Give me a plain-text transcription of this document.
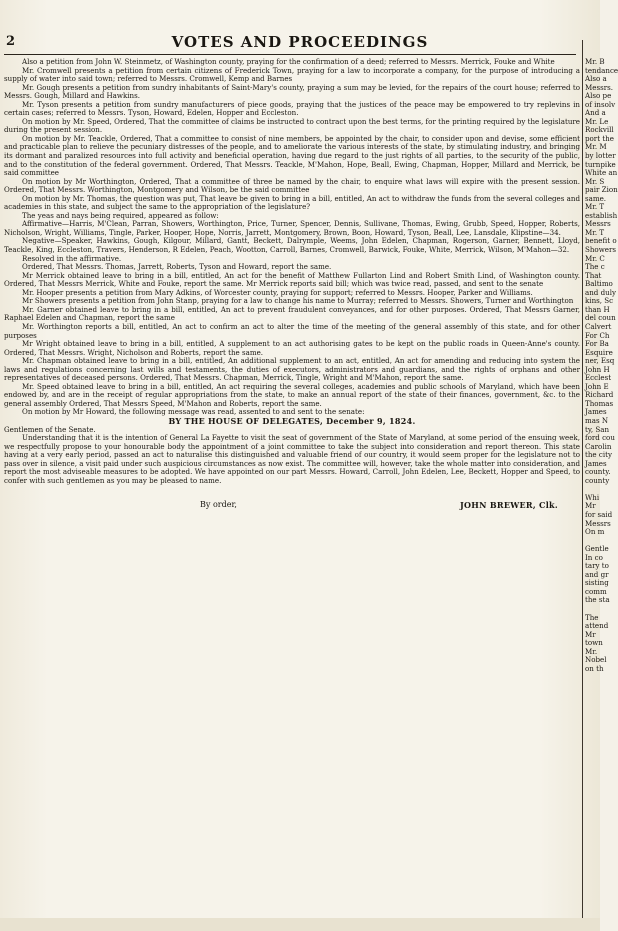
2	VOTES AND PROCEEDINGS

Also a petition from John W. Steinmetz, of Washington county, praying for the confirmation of a deed; referred to Messrs. Merrick, Fouke and White

Mr. Cromwell presents a petition from certain citizens of Frederick Town, praying for a law to incorporate a company, for the purpose of introducing a supply of water into said town; referred to Messrs. Cromwell, Kemp and Barnes

Mr. Gough presents a petition from sundry inhabitants of Saint-Mary's county, praying a sum may be levied, for the repairs of the court house; referred to Messrs. Gough, Millard and Hawkins.

Mr. Tyson presents a petition from sundry manufacturers of piece goods, praying that the justices of the peace may be empowered to try replevins in certain cases; referred to Messrs. Tyson, Howard, Edelen, Hopper and Eccleston.

On motion by Mr. Speed, Ordered, That the committee of claims be instructed to contract upon the best terms, for the printing required by the legislature during the present session.

On motion by Mr. Teackle, Ordered, That a committee to consist of nine members, be appointed by the chair, to consider upon and devise, some efficient and practicable plan to relieve the pecuniary distresses of the people, and to ameliorate the various interests of the state, by stimulating industry, and bringing its dormant and paralized resources into full activity and beneficial operation, having due regard to the just rights of all parties, to the security of the public, and to the constitution of the federal government. Ordered, That Messrs. Teackle, M'Mahon, Hope, Beall, Ewing, Chapman, Hopper, Millard and Merrick, be said committee

On motion by Mr Worthington, Ordered, That a committee of three be named by the chair, to enquire what laws will expire with the present session. Ordered, That Messrs. Worthington, Montgomery and Wilson, be the said committee

On motion by Mr. Thomas, the question was put, That leave be given to bring in a bill, entitled, An act to withdraw the funds from the several colleges and academies in this state, and subject the same to the appropriation of the legislature?

The yeas and nays being required, appeared as follow:

Affirmative—Harris, M'Clean, Parran, Showers, Worthington, Price, Turner, Spencer, Dennis, Sullivane, Thomas, Ewing, Grubb, Speed, Hopper, Roberts, Nicholson, Wright, Williams, Tingle, Parker, Hooper, Hope, Norris, Jarrett, Montgomery, Brown, Boon, Howard, Tyson, Beall, Lee, Lansdale, Klipstine—34.

Negative—Speaker, Hawkins, Gough, Kilgour, Millard, Gantt, Beckett, Dalrymple, Weems, John Edelen, Chapman, Rogerson, Garner, Bennett, Lloyd, Teackle, King, Eccleston, Travers, Henderson, R Edelen, Peach, Wootton, Carroll, Barnes, Cromwell, Barwick, Fouke, White, Merrick, Wilson, M'Mahon—32.

Resolved in the affirmative.

Ordered, That Messrs. Thomas, Jarrett, Roberts, Tyson and Howard, report the same.

Mr Merrick obtained leave to bring in a bill, entitled, An act for the benefit of Matthew Fullarton Lind and Robert Smith Lind, of Washington county. Ordered, That Messrs Merrick, White and Fouke, report the same. Mr Merrick reports said bill; which was twice read, passed, and sent to the senate

Mr. Hooper presents a petition from Mary Adkins, of Worcester county, praying for support; referred to Messrs. Hooper, Parker and Williams.

Mr Showers presents a petition from John Stanp, praying for a law to change his name to Murray; referred to Messrs. Showers, Turner and Worthington

Mr. Garner obtained leave to bring in a bill, entitled, An act to prevent fraudulent conveyances, and for other purposes. Ordered, That Messrs Garner, Raphael Edelen and Chapman, report the same

Mr. Worthington reports a bill, entitled, An act to confirm an act to alter the time of the meeting of the general assembly of this state, and for other purposes

Mr Wright obtained leave to bring in a bill, entitled, A supplement to an act authorising gates to be kept on the public roads in Queen-Anne's county. Ordered, That Messrs. Wright, Nicholson and Roberts, report the same.

Mr. Chapman obtained leave to bring in a bill, entitled, An additional supplement to an act, entitled, An act for amending and reducing into system the laws and regulations concerning last wills and testaments, the duties of executors, administrators and guardians, and the rights of orphans and other representatives of deceased persons. Ordered, That Messrs. Chapman, Merrick, Tingle, Wright and M'Mahon, report the same.

Mr. Speed obtained leave to bring in a bill, entitled, An act requiring the several colleges, academies and public schools of Maryland, which have been endowed by, and are in the receipt of regular appropriations from the state, to make an annual report of the state of their finances, government, &c. to the general assembly Ordered, That Messrs Speed, M'Mahon and Roberts, report the same.

On motion by Mr Howard, the following message was read, assented to and sent to the senate:

BY THE HOUSE OF DELEGATES, December 9, 1824.

Gentlemen of the Senate.

Understanding that it is the intention of General La Fayette to visit the seat of government of the State of Maryland, at some period of the ensuing week, we respectfully propose to your honourable body the appointment of a joint committee to take the subject into consideration and report thereon. This state having at a very early period, passed an act to naturalise this distinguished and valuable friend of our country, it would seem proper for the legislature not to pass over in silence, a visit paid under such auspicious circumstances as now exist. The committee will, however, take the whole matter into consideration, and report the most adviseable measures to be adopted. We have appointed on our part Messrs. Howard, Carroll, John Edelen, Lee, Beckett, Hopper and Speed, to confer with such gentlemen as you may be pleased to name.

By order,	JOHN BREWER, Clk.
Mr. B
tendance
Also a
Messrs.
Also pe
of insolv
And a
Mr. Le
Rockvill
port the
Mr. M
by lotter
turnpike
White an
Mr. S
pair Zion
same.
Mr. T
establish
Messrs
Mr. T
benefit o
Showers
Mr. C
The c
That
Baltimo
and duly
kins, Sc
than H
del coun
Calvert
For Ch
For Ba
Esquire
ner, Esq
John H
Ecclest
John E
Richard
Thomas
James
mas N
ty, San
ford cou
Carolin
the city
James
county.
county
Whi
Mr
for said
Messrs
On m
Gentle
In co
tary to
and gr
sisting
comm
the sta
The
attend
Mr
town
Mr.
Nobel
on th
